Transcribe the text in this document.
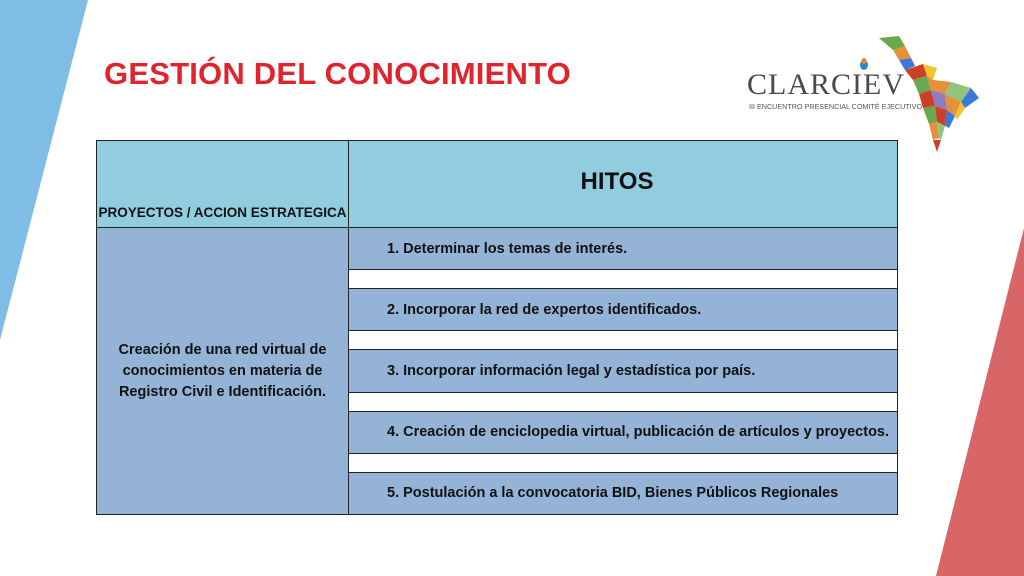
GESTIÓN DEL CONOCIMIENTO	CLARCIEV
III ENCUENTRO PRESENCIAL COMITÉ EJECUTIVO
PROYECTOS / ACCION ESTRATEGICA	HITOS
Creación de una red virtual de conocimientos en materia de Registro Civil e Identificación.	1. Determinar los temas de interés.

	2. Incorporar la red de expertos identificados.

	3. Incorporar información legal y estadística por país.

	4. Creación de enciclopedia virtual, publicación de artículos y proyectos.

	5. Postulación a la convocatoria BID, Bienes Públicos Regionales
